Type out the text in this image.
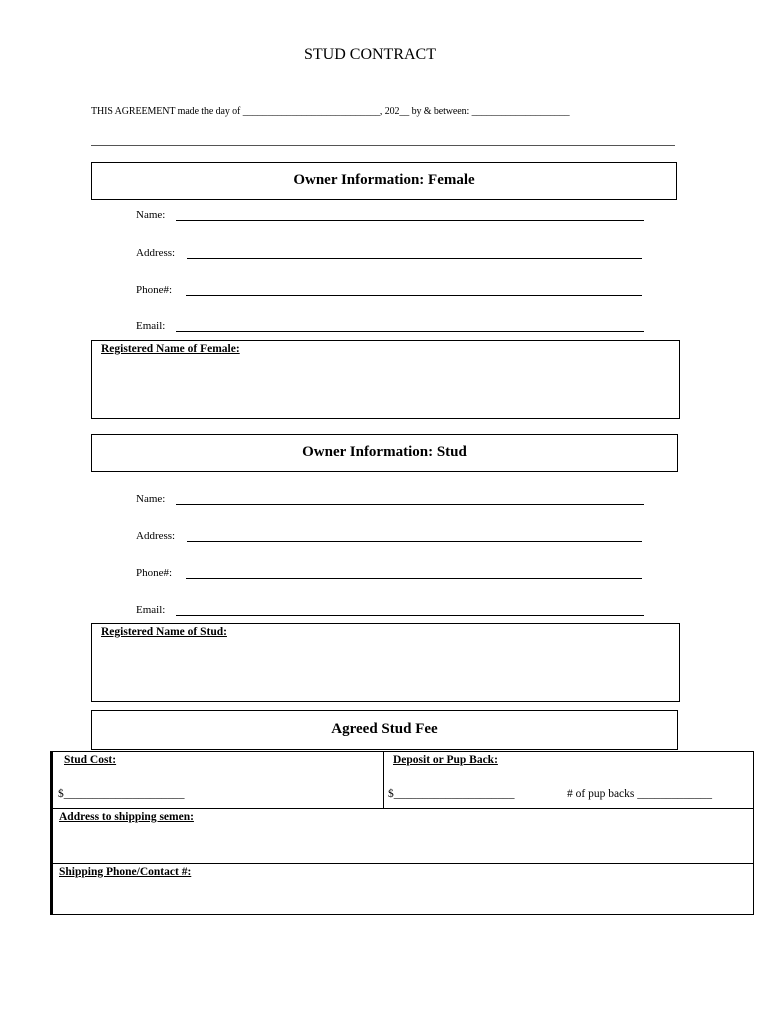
STUD CONTRACT
THIS AGREEMENT made the day of ____________________________, 202__ by & between: ____________________
Owner Information: Female
Name:
Address:
Phone#:
Email:
Registered Name of Female:
Owner Information: Stud
Name:
Address:
Phone#:
Email:
Registered Name of Stud:
Agreed Stud Fee
Stud Cost:
$_____________________
Deposit or Pup Back:
$_____________________	# of pup backs _____________
Address to shipping semen:
Shipping Phone/Contact #:
